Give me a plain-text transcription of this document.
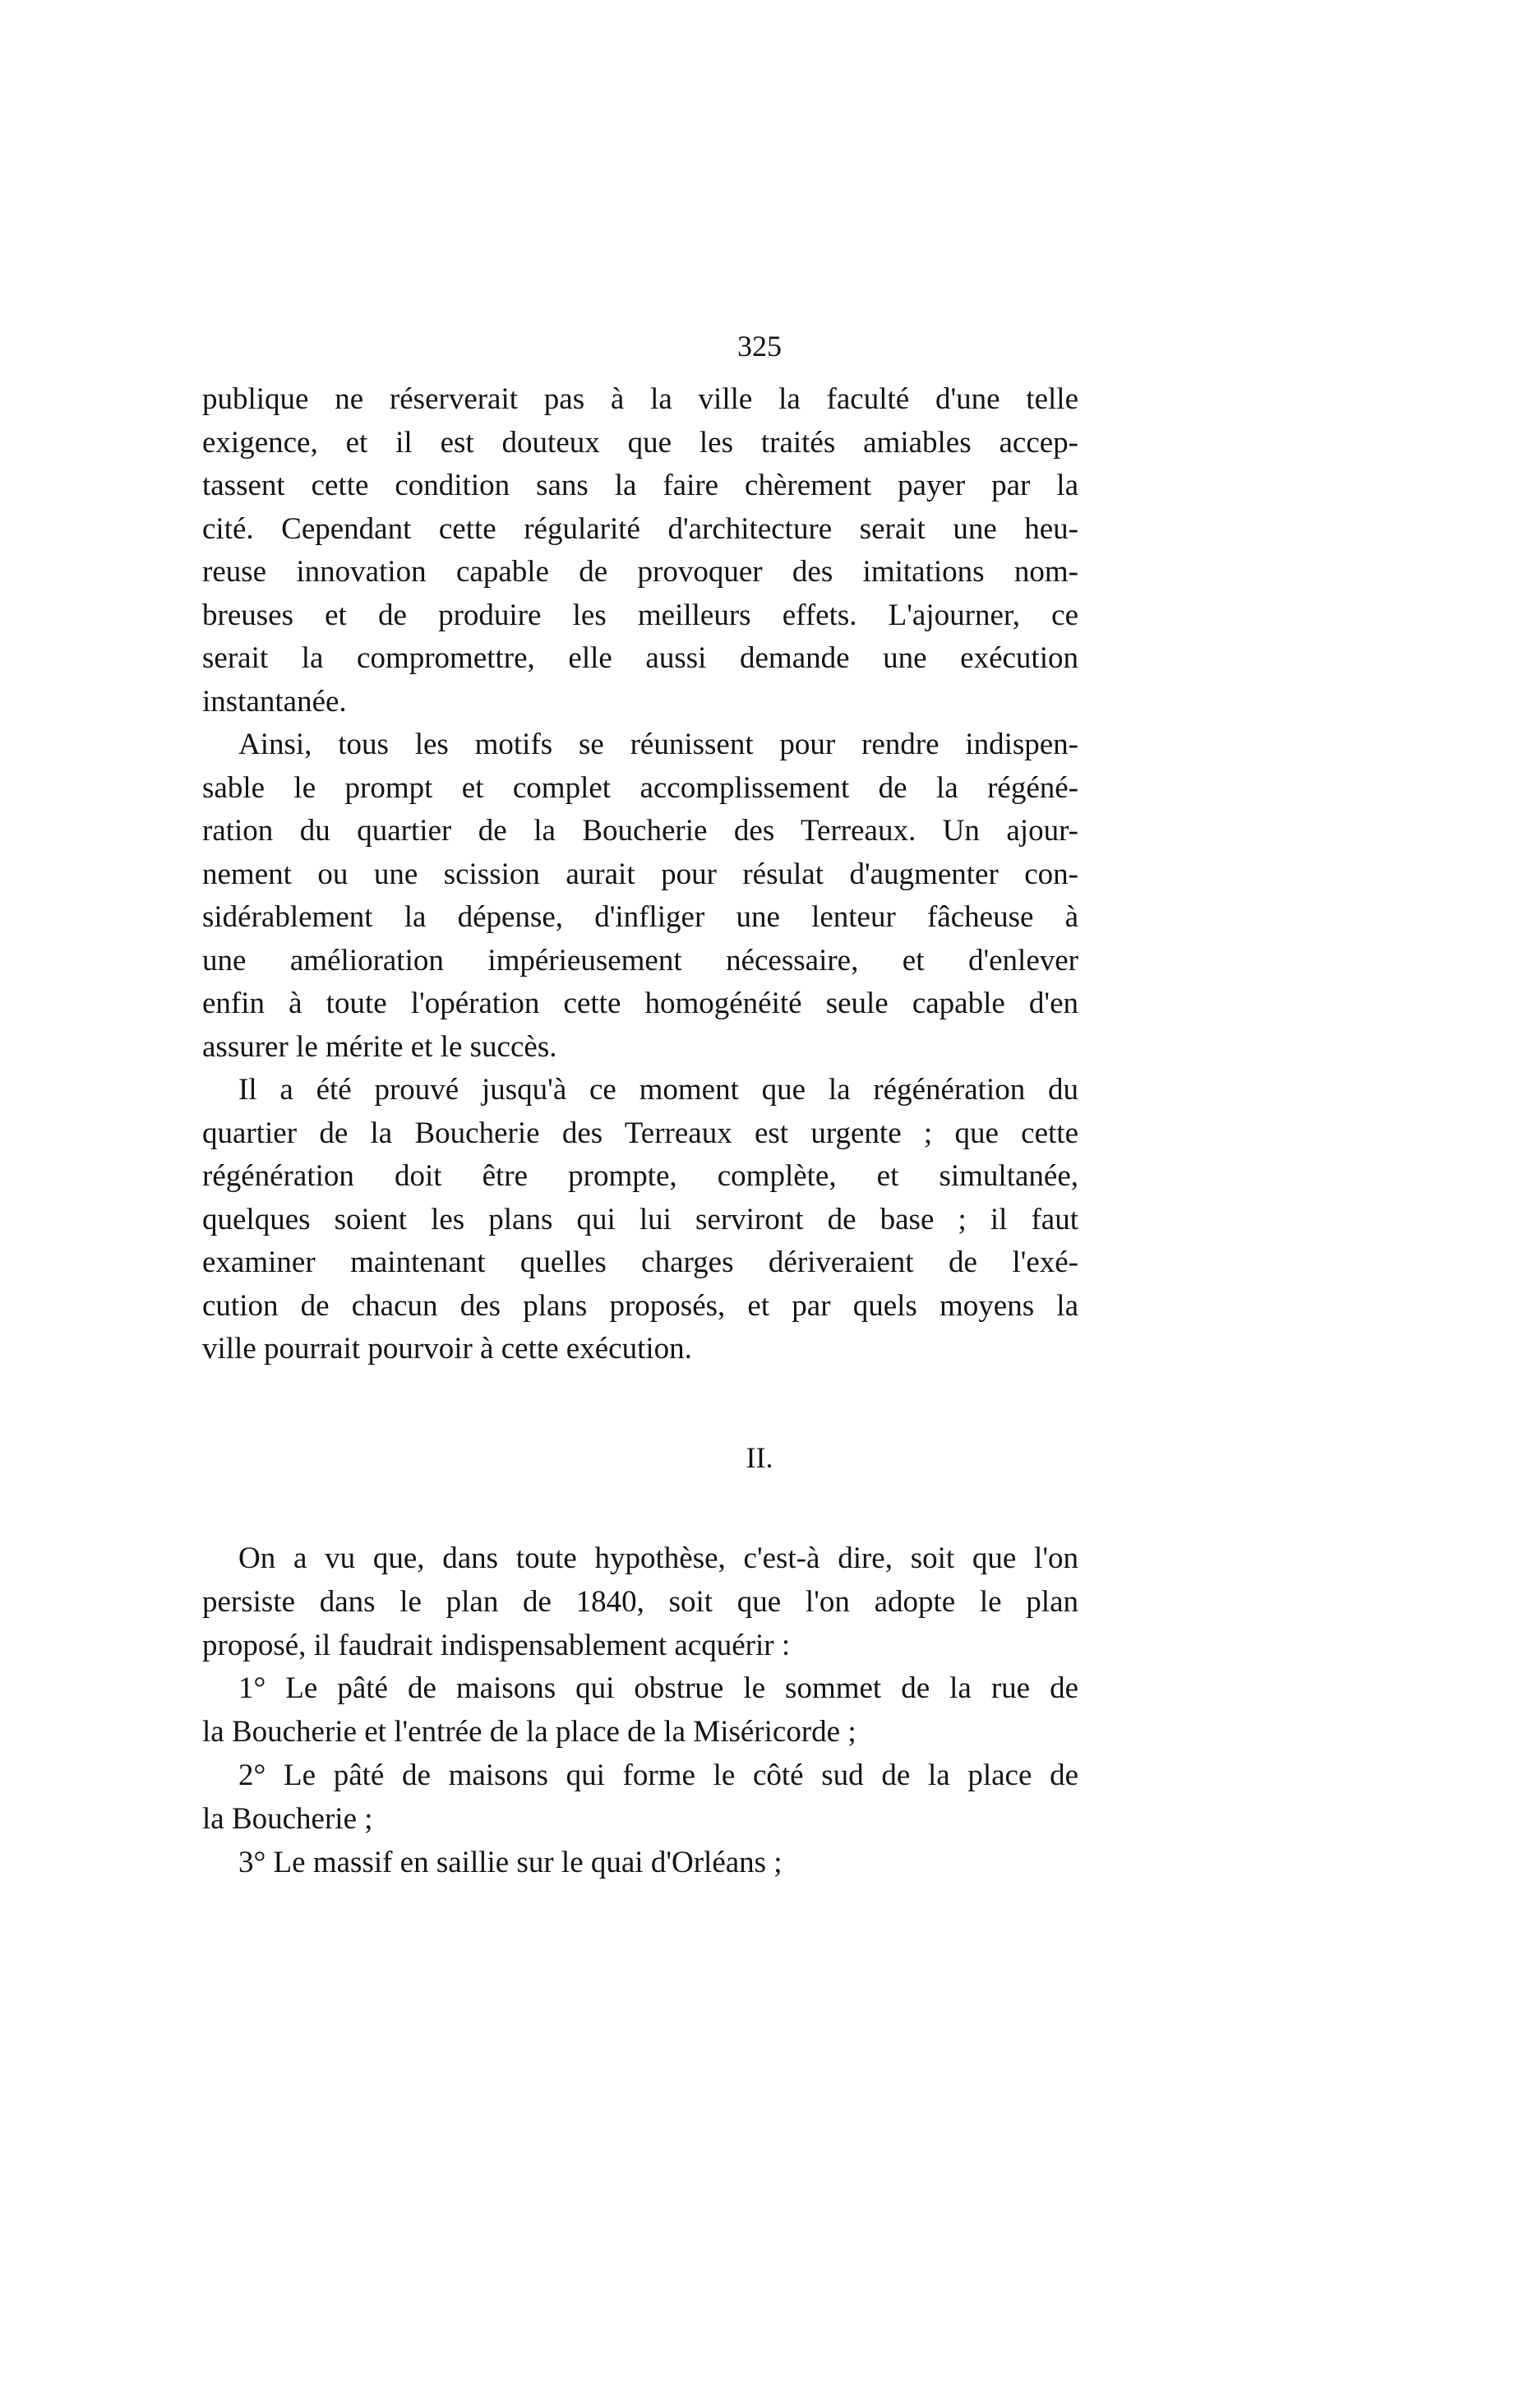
325
publique ne réserverait pas à la ville la faculté d'une telle
exigence, et il est douteux que les traités amiables accep-
tassent cette condition sans la faire chèrement payer par la
cité. Cependant cette régularité d'architecture serait une heu-
reuse innovation capable de provoquer des imitations nom-
breuses et de produire les meilleurs effets. L'ajourner, ce
serait la compromettre, elle aussi demande une exécution
instantanée.
Ainsi, tous les motifs se réunissent pour rendre indispen-
sable le prompt et complet accomplissement de la régéné-
ration du quartier de la Boucherie des Terreaux. Un ajour-
nement ou une scission aurait pour résulat d'augmenter con-
sidérablement la dépense, d'infliger une lenteur fâcheuse à
une amélioration impérieusement nécessaire, et d'enlever
enfin à toute l'opération cette homogénéité seule capable d'en
assurer le mérite et le succès.
Il a été prouvé jusqu'à ce moment que la régénération du
quartier de la Boucherie des Terreaux est urgente ; que cette
régénération doit être prompte, complète, et simultanée,
quelques soient les plans qui lui serviront de base ; il faut
examiner maintenant quelles charges dériveraient de l'exé-
cution de chacun des plans proposés, et par quels moyens la
ville pourrait pourvoir à cette exécution.
II.
On a vu que, dans toute hypothèse, c'est-à dire, soit que l'on
persiste dans le plan de 1840, soit que l'on adopte le plan
proposé, il faudrait indispensablement acquérir :
1° Le pâté de maisons qui obstrue le sommet de la rue de
la Boucherie et l'entrée de la place de la Miséricorde ;
2° Le pâté de maisons qui forme le côté sud de la place de
la Boucherie ;
3° Le massif en saillie sur le quai d'Orléans ;
